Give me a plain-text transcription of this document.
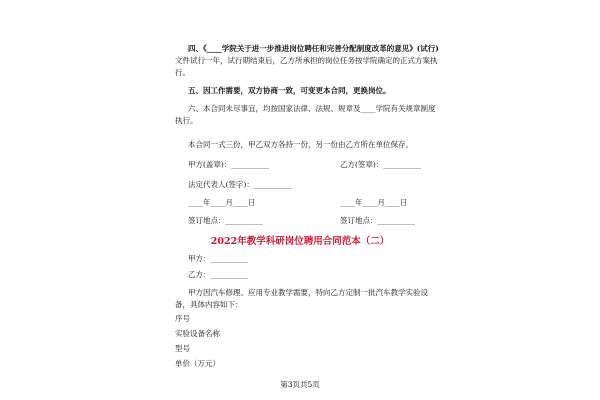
四、《____学院关于进一步推进岗位聘任和完善分配制度改革的意见》(试行)
文件试行一年，试行期结束后，乙方所承担的岗位任务按学院确定的正式方案执
行。
五、因工作需要，双方协商一致，可变更本合同，更换岗位。
六、本合同未尽事宜，均按国家法律、法规、规章及____学院有关规章制度
执行。
本合同一式三份，甲乙双方各持一份，另一份由乙方所在单位保存。
甲方(盖章)：__________	乙方(签章)：__________
法定代表人(签字)：__________
____年____月____日	____年____月____日
签订地点：__________	签订地点：__________
2022年教学科研岗位聘用合同范本（二）
甲方：__________
乙方：__________
甲方因汽车修理、应用专业教学需要，特向乙方定制一批汽车教学实验设
备，具体内容如下：
序号
实验设备名称
型号
单价（万元）
第3页共5页
